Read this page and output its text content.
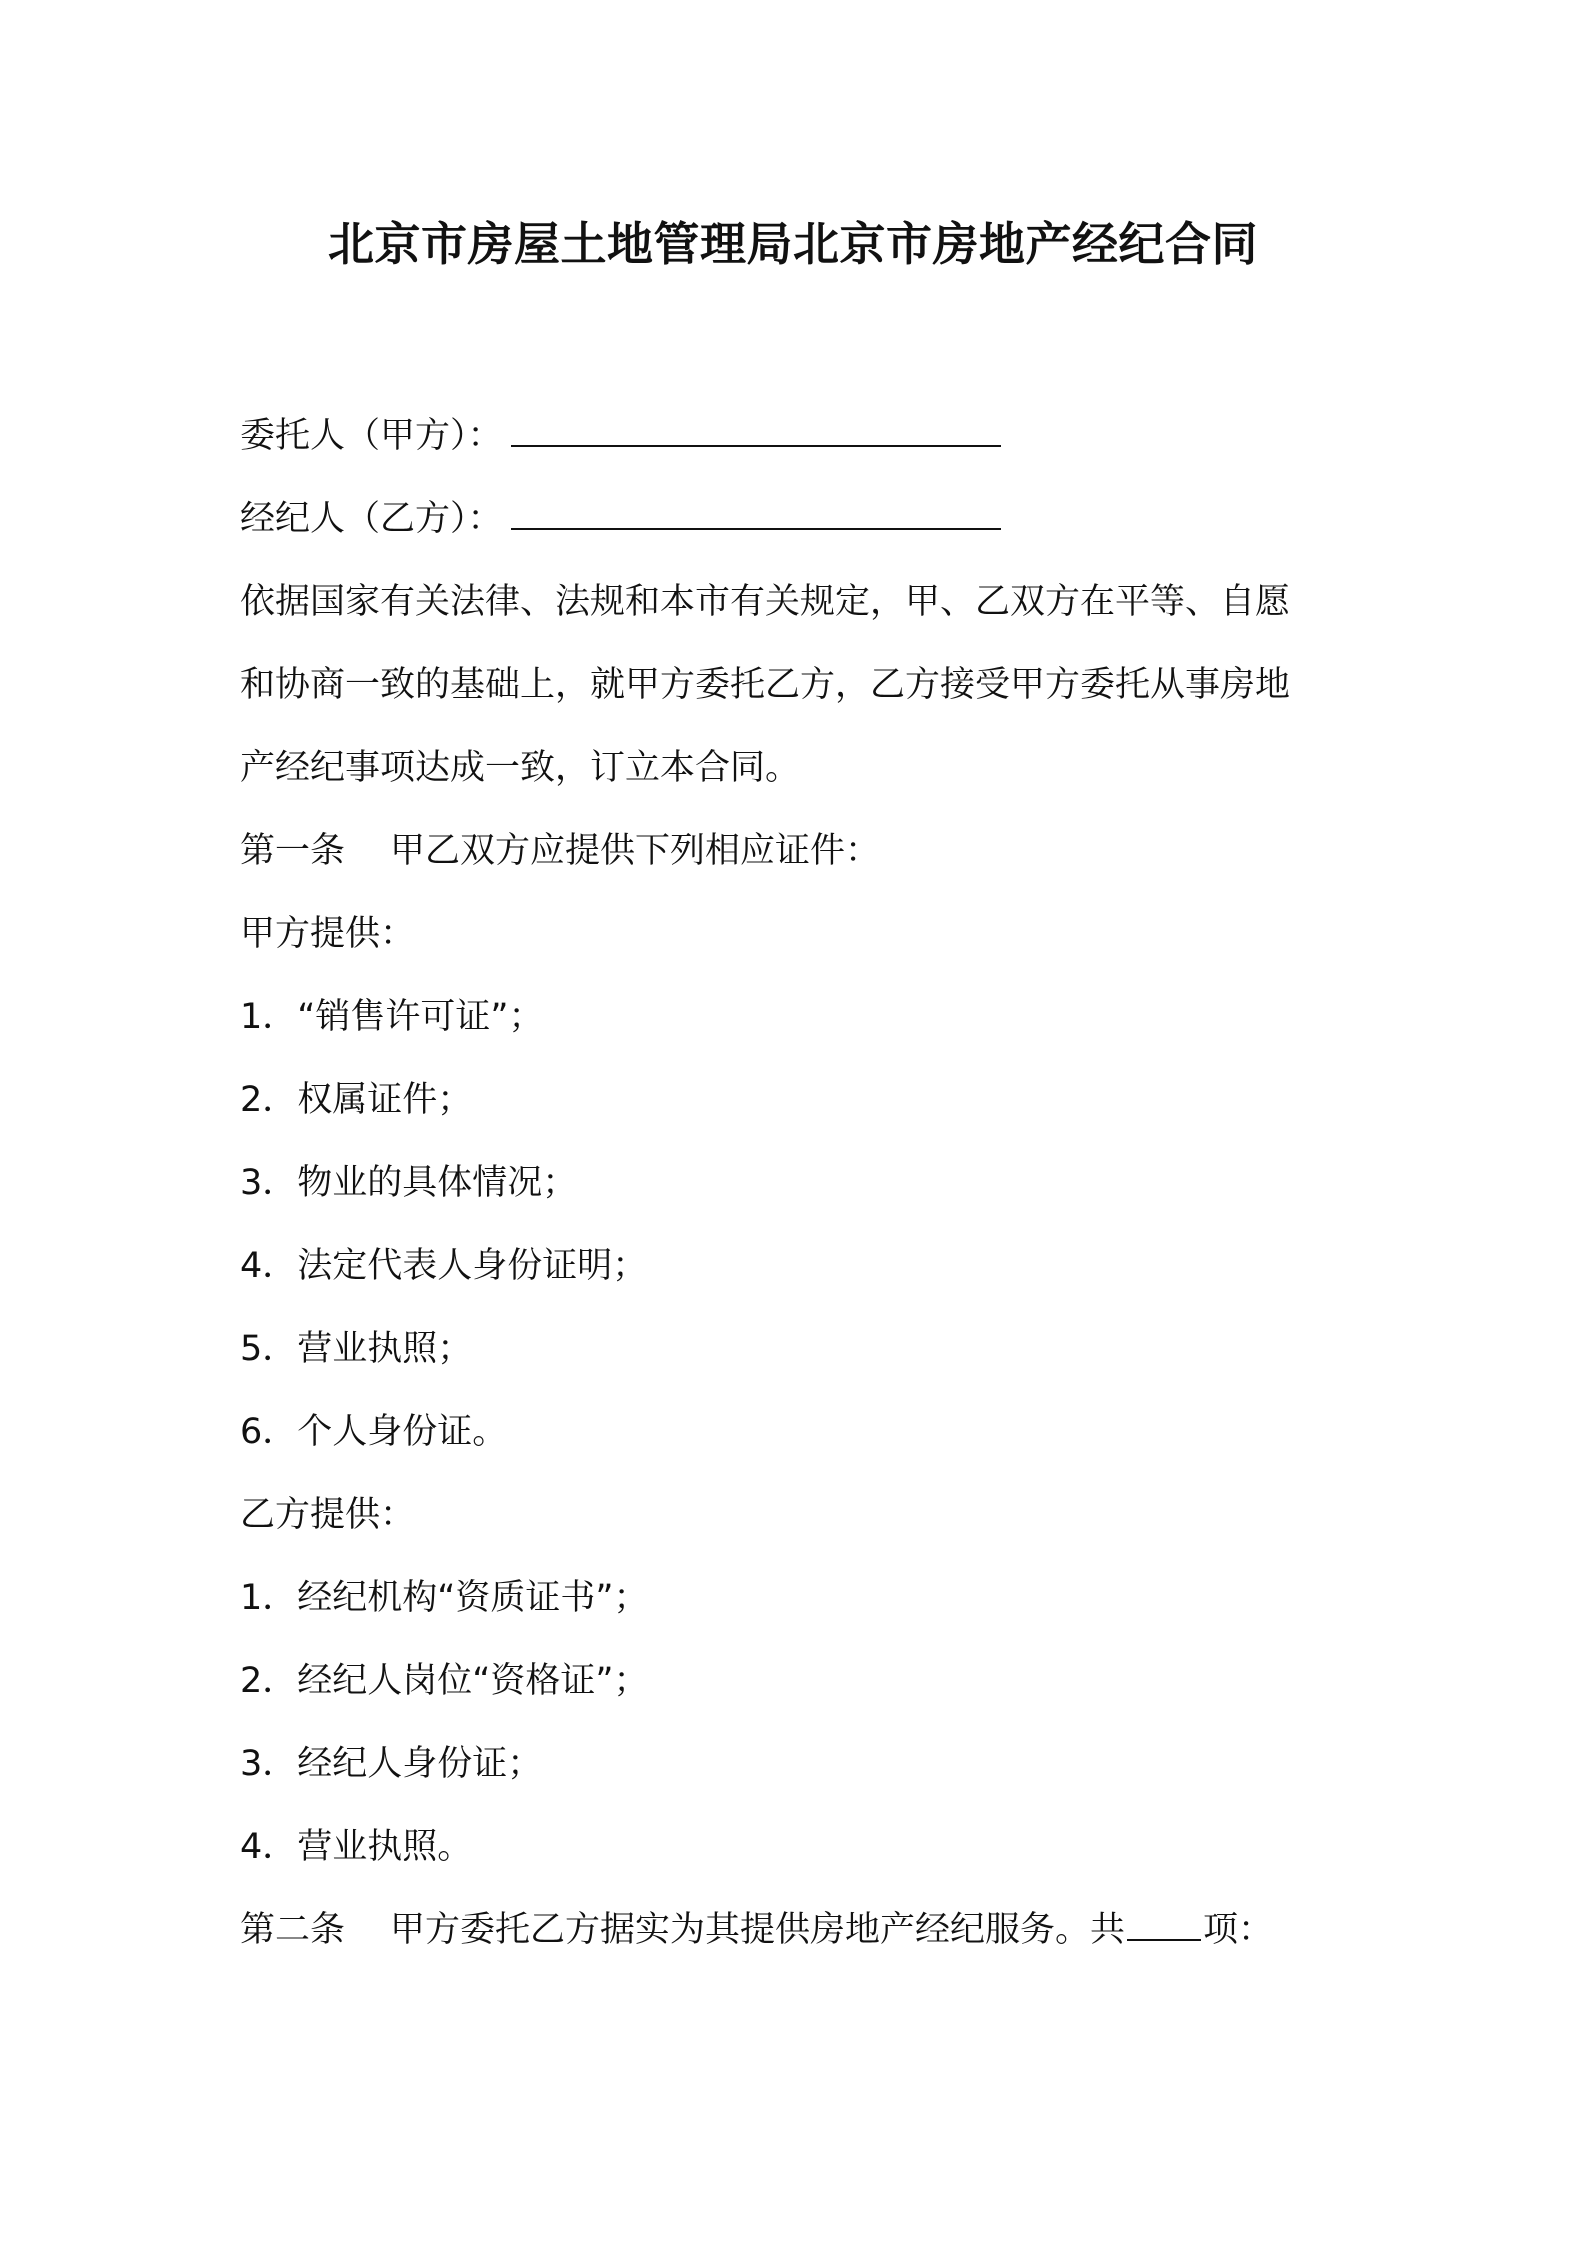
北京市房屋土地管理局北京市房地产经纪合同

委托人（甲方）：

经纪人（乙方）：

依据国家有关法律、法规和本市有关规定，甲、乙双方在平等、自愿

和协商一致的基础上，就甲方委托乙方，乙方接受甲方委托从事房地

产经纪事项达成一致，订立本合同。

第一条 甲乙双方应提供下列相应证件：

甲方提供：

1．“销售许可证”；

2．权属证件；

3．物业的具体情况；

4．法定代表人身份证明；

5．营业执照；

6．个人身份证。

乙方提供：

1．经纪机构“资质证书”；

2．经纪人岗位“资格证”；

3．经纪人身份证；

4．营业执照。

第二条 甲方委托乙方据实为其提供房地产经纪服务。共 项：
